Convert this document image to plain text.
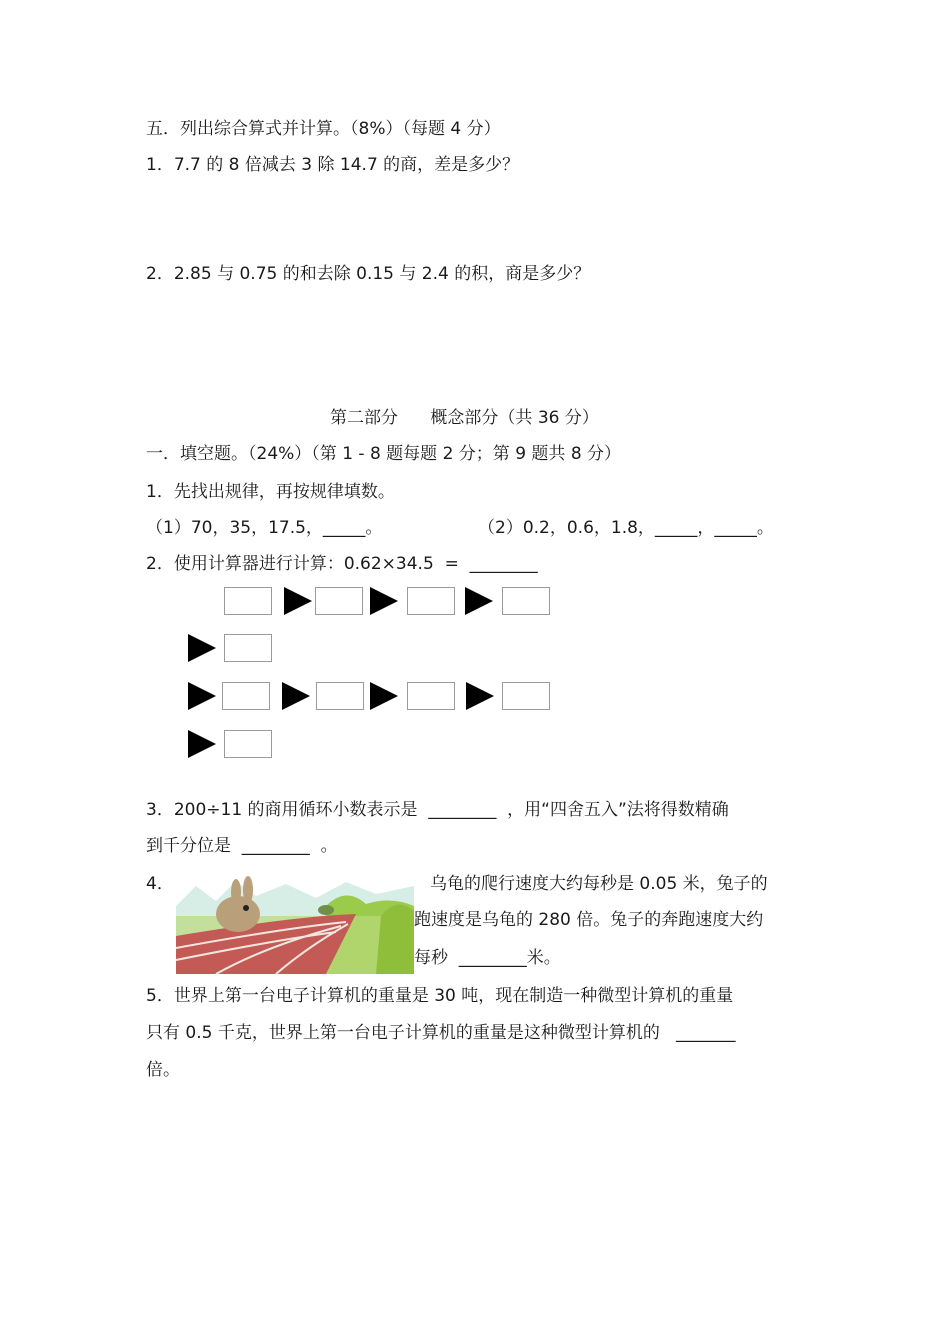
五．列出综合算式并计算。（8%）（每题 4 分）
1．7.7 的 8 倍减去 3 除 14.7 的商，差是多少？
2．2.85 与 0.75 的和去除 0.15 与 2.4 的积，商是多少？
第二部分      概念部分（共 36 分）
一．填空题。（24%）（第 1 - 8 题每题 2 分；第 9 题共 8 分）
1．先找出规律，再按规律填数。
（1）70，35，17.5，_____。	（2）0.2，0.6，1.8，_____，_____。
2．使用计算器进行计算：0.62×34.5  =  ________
3．200÷11 的商用循环小数表示是  ________  ，用“四舍五入”法将得数精确
到千分位是  ________  。
4．	乌龟的爬行速度大约每秒是 0.05 米，兔子的
跑速度是乌龟的 280 倍。兔子的奔跑速度大约
每秒  ________米。
5．世界上第一台电子计算机的重量是 30 吨，现在制造一种微型计算机的重量
只有 0.5 千克，世界上第一台电子计算机的重量是这种微型计算机的   _______
倍。
